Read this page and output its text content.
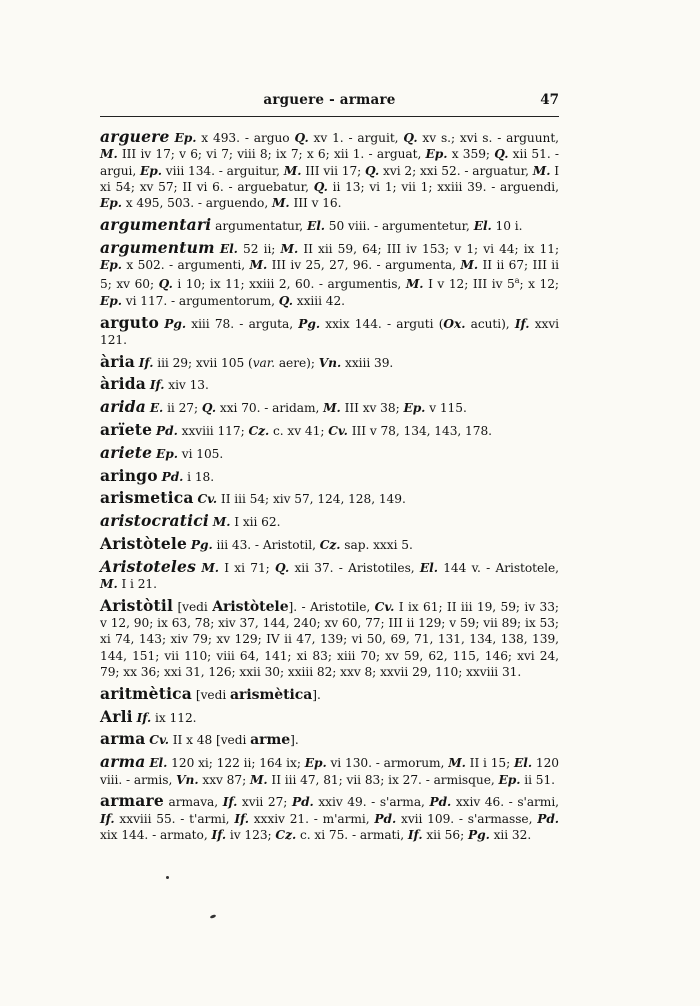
arguere - armare	47
arguere Ep. x 493. - arguo Q. xv 1. - arguit, Q. xv s.; xvi s. - arguunt, M. III iv 17; v 6; vi 7; viii 8; ix 7; x 6; xii 1. - arguat, Ep. x 359; Q. xii 51. - argui, Ep. viii 134. - arguitur, M. III vii 17; Q. xvi 2; xxi 52. - arguatur, M. I xi 54; xv 57; II vi 6. - arguebatur, Q. ii 13; vi 1; vii 1; xxiii 39. - arguendi, Ep. x 495, 503. - arguendo, M. III v 16.
argumentari argumentatur, El. 50 viii. - argumentetur, El. 10 i.
argumentum El. 52 ii; M. II xii 59, 64; III iv 153; v 1; vi 44; ix 11; Ep. x 502. - argumenti, M. III iv 25, 27, 96. - argumenta, M. II ii 67; III ii 5; xv 60; Q. i 10; ix 11; xxiii 2, 60. - argumentis, M. I v 12; III iv 5$^a$; x 12; Ep. vi 117. - argumentorum, Q. xxiii 42.
arguto Pg. xiii 78. - arguta, Pg. xxix 144. - arguti (Ox. acuti), If. xxvi 121.
ària If. iii 29; xvii 105 (var. aere); Vn. xxiii 39.
àrida If. xiv 13.
arida E. ii 27; Q. xxi 70. - aridam, M. III xv 38; Ep. v 115.
arïete Pd. xxviii 117; Cz. c. xv 41; Cv. III v 78, 134, 143, 178.
ariete Ep. vi 105.
aringo Pd. i 18.
arismetica Cv. II iii 54; xiv 57, 124, 128, 149.
aristocratici M. I xii 62.
Aristòtele Pg. iii 43. - Aristotil, Cz. sap. xxxi 5.
Aristoteles M. I xi 71; Q. xii 37. - Aristotiles, El. 144 v. - Aristotele, M. I i 21.
Aristòtil [vedi Aristòtele]. - Aristotile, Cv. I ix 61; II iii 19, 59; iv 33; v 12, 90; ix 63, 78; xiv 37, 144, 240; xv 60, 77; III ii 129; v 59; vii 89; ix 53; xi 74, 143; xiv 79; xv 129; IV ii 47, 139; vi 50, 69, 71, 131, 134, 138, 139, 144, 151; vii 110; viii 64, 141; xi 83; xiii 70; xv 59, 62, 115, 146; xvi 24, 79; xx 36; xxi 31, 126; xxii 30; xxiii 82; xxv 8; xxvii 29, 110; xxviii 31.
aritmètica [vedi arismètica].
Arli If. ix 112.
arma Cv. II x 48 [vedi arme].
arma El. 120 xi; 122 ii; 164 ix; Ep. vi 130. - armorum, M. II i 15; El. 120 viii. - armis, Vn. xxv 87; M. II iii 47, 81; vii 83; ix 27. - armisque, Ep. ii 51.
armare armava, If. xvii 27; Pd. xxiv 49. - s'arma, Pd. xxiv 46. - s'armi, If. xxviii 55. - t'armi, If. xxxiv 21. - m'armi, Pd. xvii 109. - s'armasse, Pd. xix 144. - armato, If. iv 123; Cz. c. xi 75. - armati, If. xii 56; Pg. xii 32.
